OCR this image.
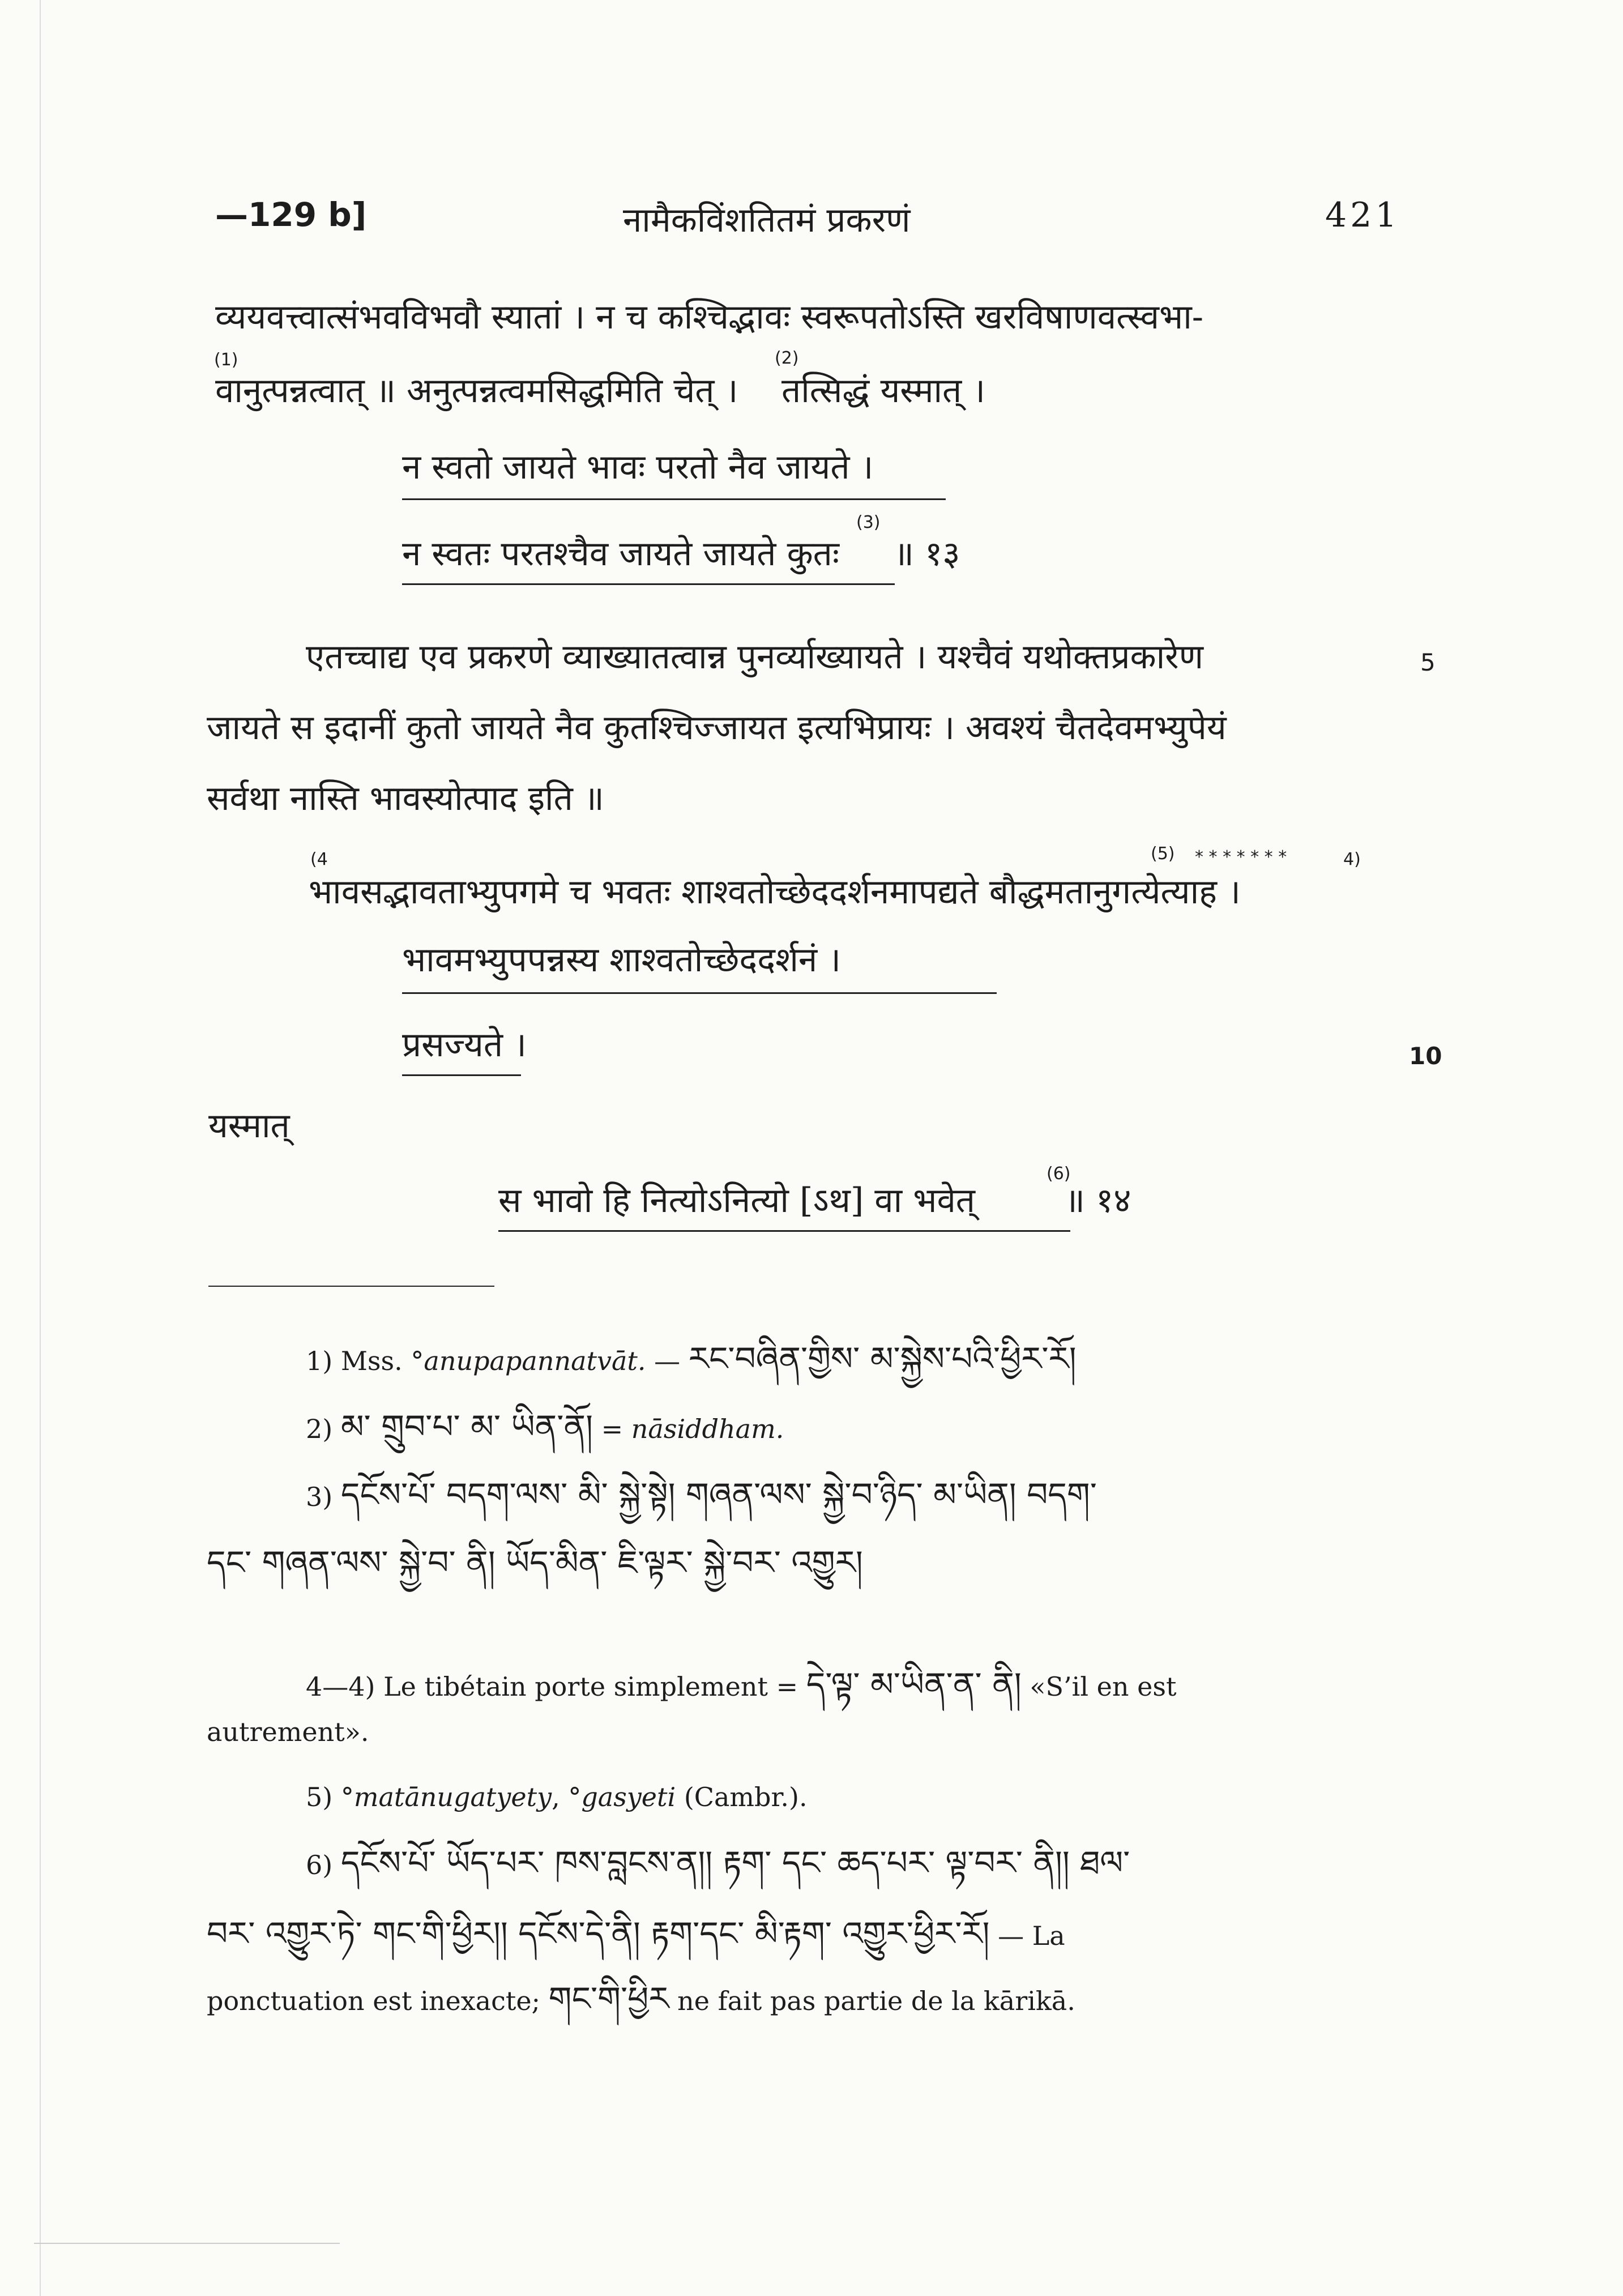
—129 b]	नामैकविंशतितमं प्रकरणं	421
व्ययवत्त्वात्संभवविभवौ स्यातां । न च कश्चिद्भावः स्वरूपतोऽस्ति खरविषाणवत्स्वभा-
(1)	(2)
वानुत्पन्नत्वात् ॥ अनुत्पन्नत्वमसिद्धमिति चेत् । तत्सिद्धं यस्मात् ।
न स्वतो जायते भावः परतो नैव जायते ।
(3)
न स्वतः परतश्चैव जायते जायते कुतः ॥ १३
एतच्चाद्य एव प्रकरणे व्याख्यातत्वान्न पुनर्व्याख्यायते । यश्चैवं यथोक्तप्रकारेण	5
जायते स इदानीं कुतो जायते नैव कुतश्चिज्जायत इत्यभिप्रायः । अवश्यं चैतदेवमभ्युपेयं
सर्वथा नास्ति भावस्योत्पाद इति ॥
(4	(5) * * * * * * *	4)
भावसद्भावताभ्युपगमे च भवतः शाश्वतोच्छेददर्शनमापद्यते बौद्धमतानुगत्येत्याह ।
भावमभ्युपपन्नस्य शाश्वतोच्छेददर्शनं ।
प्रसज्यते ।	10
यस्मात्
(6)
स भावो हि नित्योऽनित्यो [ऽथ] वा भवेत्	॥ १४
1) Mss. °anupapannatvāt. — རང་བཞིན་གྱིས་ མ་སྐྱེས་པའི་ཕྱིར་རོ།
2) མ་ གྲུབ་པ་ མ་ ཡིན་ནོ། = nāsiddham.
3) དངོས་པོ་ བདག་ལས་ མི་ སྐྱེ་སྟེ། གཞན་ལས་ སྐྱེ་བ་ཉིད་ མ་ཡིན། བདག་
དང་ གཞན་ལས་ སྐྱེ་བ་ ནི། ཡོད་མིན་ ཇི་ལྟར་ སྐྱེ་བར་ འགྱུར།
4—4) Le tibétain porte simplement = དེ་ལྟ་ མ་ཡིན་ན་ ནི། «S’il en est
autrement».
5) °matānugatyety, °gasyeti (Cambr.).
6) དངོས་པོ་ ཡོད་པར་ ཁས་བླངས་ན།། རྟག་ དང་ ཆད་པར་ ལྟ་བར་ ནི།། ཐལ་
བར་ འགྱུར་ཏེ་ གང་གི་ཕྱིར།། དངོས་དེ་ནི། རྟག་དང་ མི་རྟག་ འགྱུར་ཕྱིར་རོ། — La
ponctuation est inexacte; གང་གི་ཕྱིར ne fait pas partie de la kārikā.
